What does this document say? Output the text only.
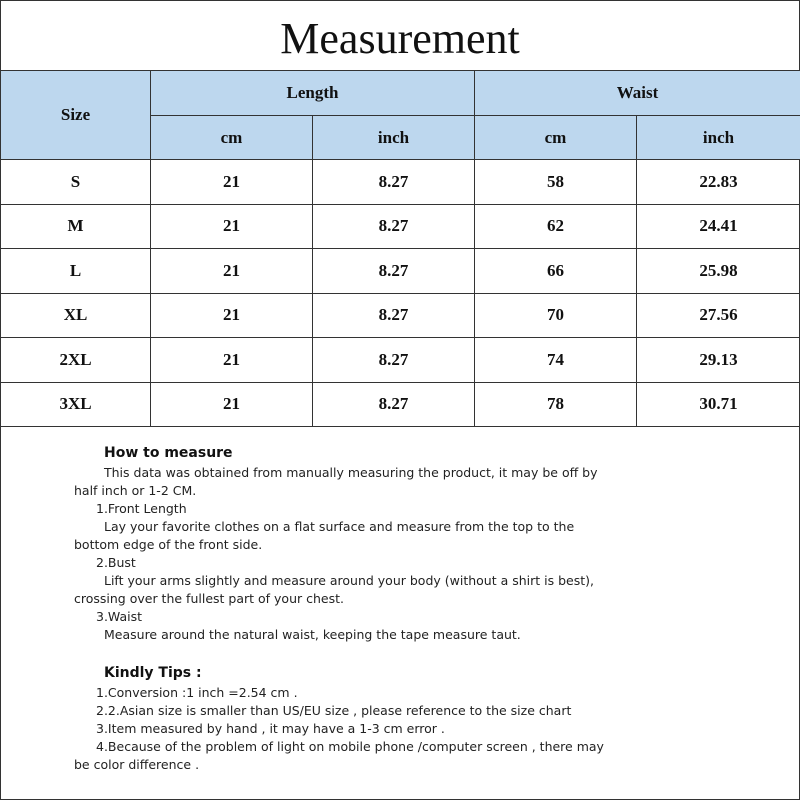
Measurement
Size	Length		Waist	
	cm	inch	cm	inch
S	21	8.27	58	22.83
M	21	8.27	62	24.41
L	21	8.27	66	25.98
XL	21	8.27	70	27.56
2XL	21	8.27	74	29.13
3XL	21	8.27	78	30.71
How to measure
This data was obtained from manually measuring the product, it may be off by
half inch or 1-2 CM.
1.Front Length
Lay your favorite clothes on a flat surface and measure from the top to the
bottom edge of the front side.
2.Bust
Lift your arms slightly and measure around your body (without a shirt is best),
crossing over the fullest part of your chest.
3.Waist
Measure around the natural waist, keeping the tape measure taut.
Kindly Tips :
1.Conversion :1 inch =2.54 cm .
2.2.Asian size is smaller than US/EU size , please reference to the size chart
3.Item measured by hand , it may have a 1-3 cm error .
4.Because of the problem of light on mobile phone /computer screen , there may
be color difference .
